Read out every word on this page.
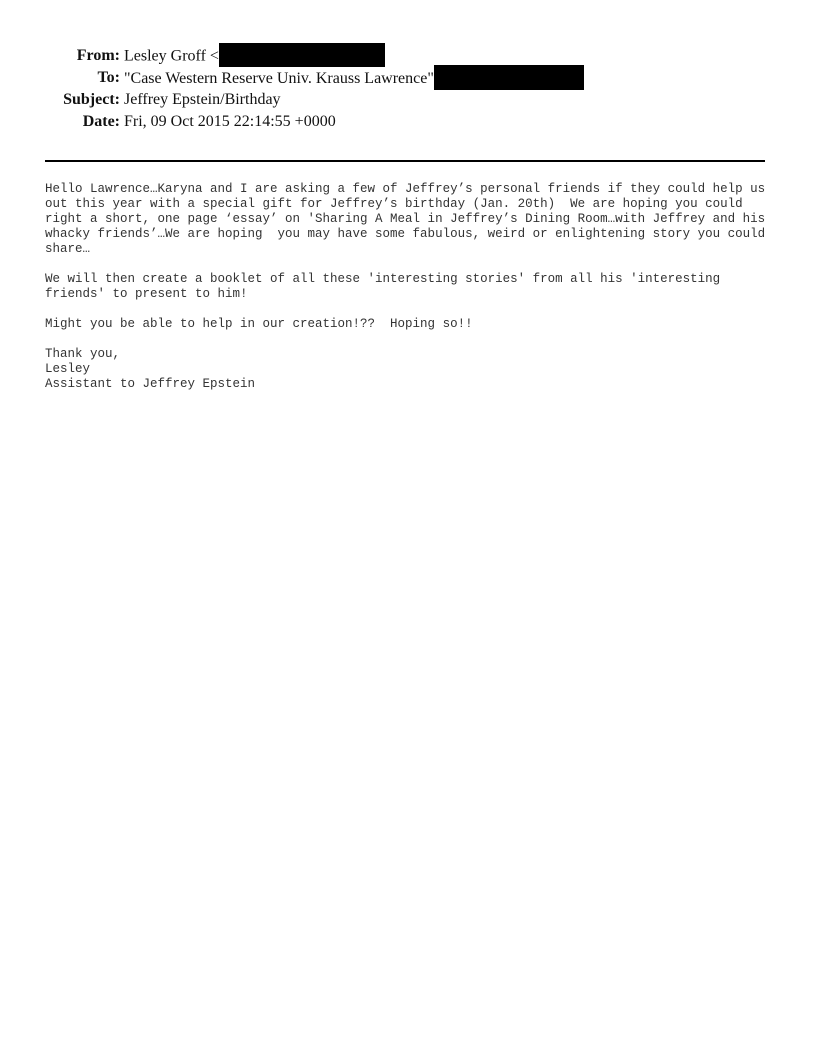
From: Lesley Groff <
To: "Case Western Reserve Univ. Krauss Lawrence"
Subject: Jeffrey Epstein/Birthday
Date: Fri, 09 Oct 2015 22:14:55 +0000

Hello Lawrence…Karyna and I are asking a few of Jeffrey’s personal friends if they could help us out this year with a special gift for Jeffrey’s birthday (Jan. 20th)  We are hoping you could right a short, one page ‘essay’ on 'Sharing A Meal in Jeffrey’s Dining Room…with Jeffrey and his whacky friends’…We are hoping  you may have some fabulous, weird or enlightening story you could share…

We will then create a booklet of all these 'interesting stories' from all his 'interesting friends' to present to him!

Might you be able to help in our creation!??  Hoping so!!

Thank you,

Lesley

Assistant to Jeffrey Epstein
